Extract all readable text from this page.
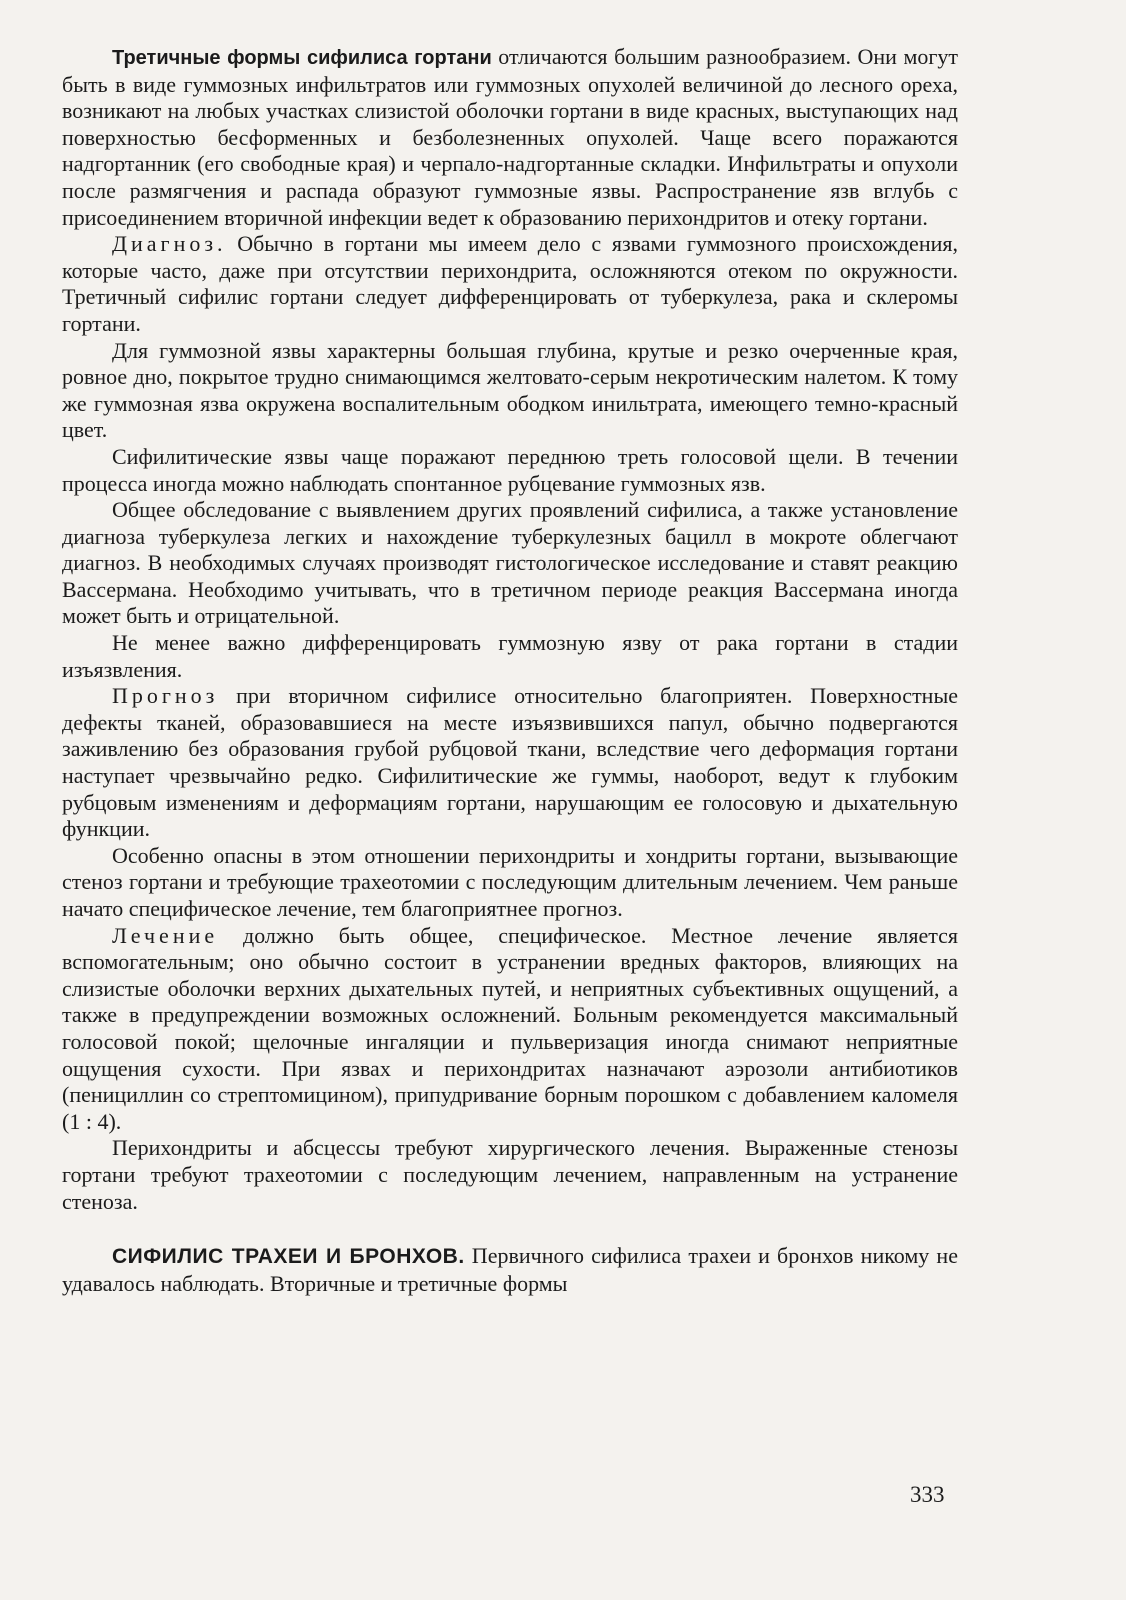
Третичные формы сифилиса гортани отличаются большим разнообразием. Они могут быть в виде гуммозных инфильтратов или гуммозных опухолей величиной до лесного ореха, возникают на любых участках слизистой оболочки гортани в виде красных, выступающих над поверхностью бесформенных и безболезненных опухолей. Чаще всего поражаются надгортанник (его свободные края) и черпало-надгортанные складки. Инфильтраты и опухоли после размягчения и распада образуют гуммозные язвы. Распространение язв вглубь с присоединением вторичной инфекции ведет к образованию перихондритов и отеку гортани.

Диагноз. Обычно в гортани мы имеем дело с язвами гуммозного происхождения, которые часто, даже при отсутствии перихондрита, осложняются отеком по окружности. Третичный сифилис гортани следует дифференцировать от туберкулеза, рака и склеромы гортани.

Для гуммозной язвы характерны большая глубина, крутые и резко очерченные края, ровное дно, покрытое трудно снимающимся желтовато-серым некротическим налетом. К тому же гуммозная язва окружена воспалительным ободком инильтрата, имеющего темно-красный цвет.

Сифилитические язвы чаще поражают переднюю треть голосовой щели. В течении процесса иногда можно наблюдать спонтанное рубцевание гуммозных язв.

Общее обследование с выявлением других проявлений сифилиса, а также установление диагноза туберкулеза легких и нахождение туберкулезных бацилл в мокроте облегчают диагноз. В необходимых случаях производят гистологическое исследование и ставят реакцию Вассермана. Необходимо учитывать, что в третичном периоде реакция Вассермана иногда может быть и отрицательной.

Не менее важно дифференцировать гуммозную язву от рака гортани в стадии изъязвления.

Прогноз при вторичном сифилисе относительно благоприятен. Поверхностные дефекты тканей, образовавшиеся на месте изъязвившихся папул, обычно подвергаются заживлению без образования грубой рубцовой ткани, вследствие чего деформация гортани наступает чрезвычайно редко. Сифилитические же гуммы, наоборот, ведут к глубоким рубцовым изменениям и деформациям гортани, нарушающим ее голосовую и дыхательную функции.

Особенно опасны в этом отношении перихондриты и хондриты гортани, вызывающие стеноз гортани и требующие трахеотомии с последующим длительным лечением. Чем раньше начато специфическое лечение, тем благоприятнее прогноз.

Лечение должно быть общее, специфическое. Местное лечение является вспомогательным; оно обычно состоит в устранении вредных факторов, влияющих на слизистые оболочки верхних дыхательных путей, и неприятных субъективных ощущений, а также в предупреждении возможных осложнений. Больным рекомендуется максимальный голосовой покой; щелочные ингаляции и пульверизация иногда снимают неприятные ощущения сухости. При язвах и перихондритах назначают аэрозоли антибиотиков (пенициллин со стрептомицином), припудривание борным порошком с добавлением каломеля (1 : 4).

Перихондриты и абсцессы требуют хирургического лечения. Выраженные стенозы гортани требуют трахеотомии с последующим лечением, направленным на устранение стеноза.

СИФИЛИС ТРАХЕИ И БРОНХОВ. Первичного сифилиса трахеи и бронхов никому не удавалось наблюдать. Вторичные и третичные формы

333
